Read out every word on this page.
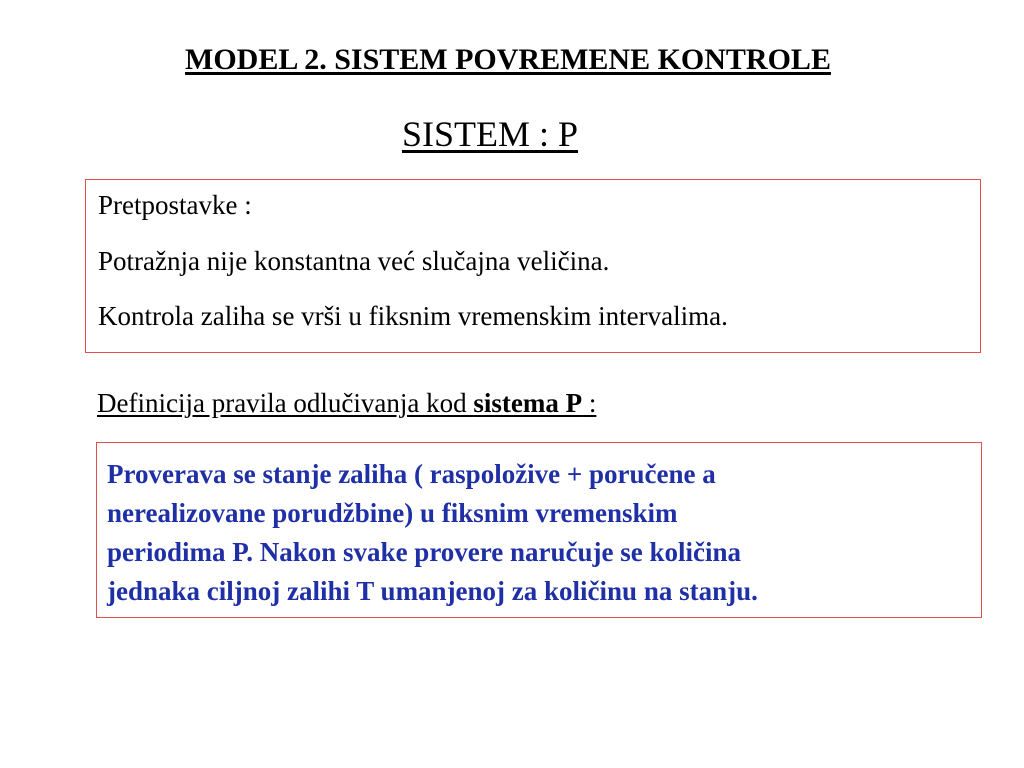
MODEL 2. SISTEM POVREMENE KONTROLE
SISTEM : P

Pretpostavke :

Potražnja nije konstantna već slučajna veličina.

Kontrola zaliha se vrši u fiksnim vremenskim intervalima.

Definicija pravila odlučivanja kod sistema P :

Proverava se stanje zaliha ( raspoložive + poručene a

nerealizovane porudžbine) u fiksnim vremenskim

periodima P. Nakon svake provere naručuje se količina

jednaka ciljnoj zalihi T umanjenoj za količinu na stanju.
